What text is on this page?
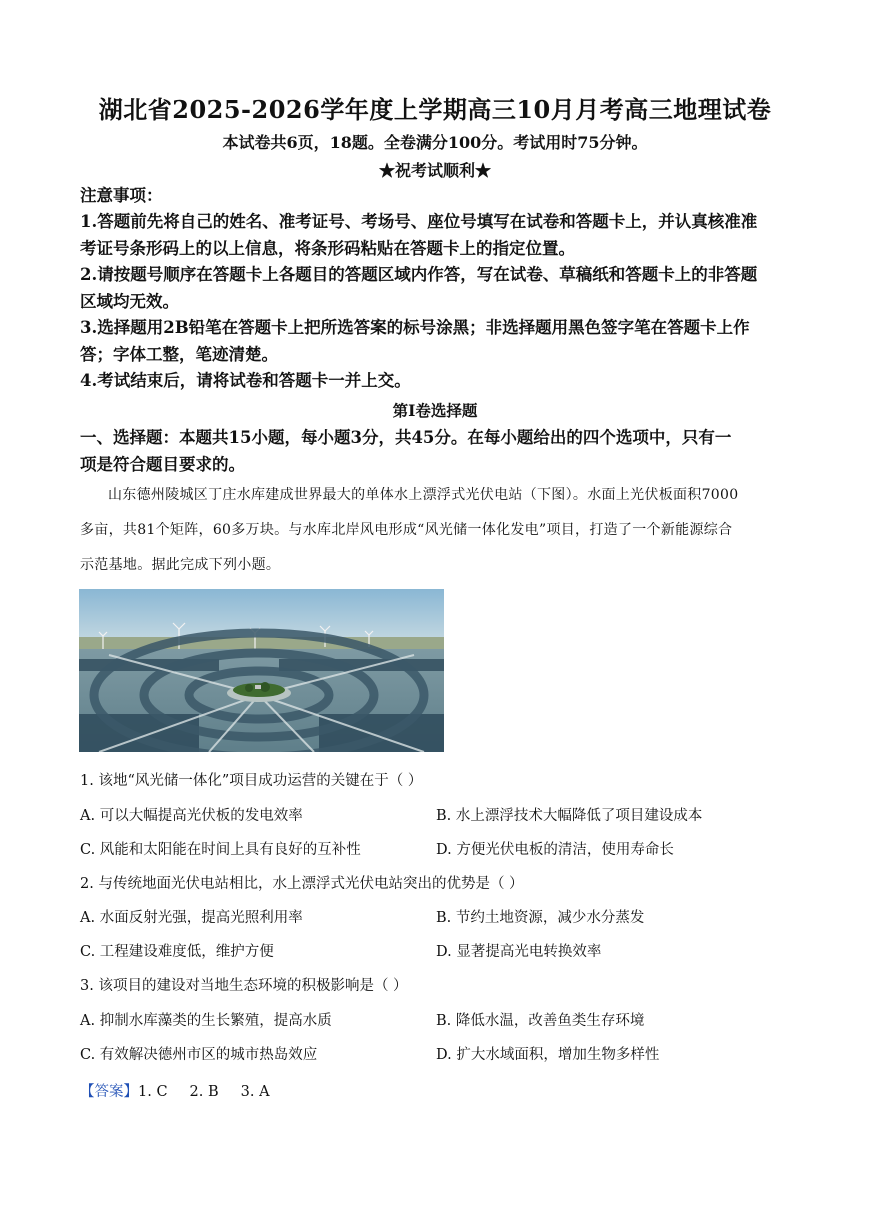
湖北省2025-2026学年度上学期高三10月月考高三地理试卷
本试卷共6页，18题。全卷满分100分。考试用时75分钟。
★祝考试顺利★
注意事项：
1.答题前先将自己的姓名、准考证号、考场号、座位号填写在试卷和答题卡上，并认真核准准
考证号条形码上的以上信息，将条形码粘贴在答题卡上的指定位置。
2.请按题号顺序在答题卡上各题目的答题区域内作答，写在试卷、草稿纸和答题卡上的非答题
区域均无效。
3.选择题用2B铅笔在答题卡上把所选答案的标号涂黑；非选择题用黑色签字笔在答题卡上作
答；字体工整，笔迹清楚。
4.考试结束后，请将试卷和答题卡一并上交。
第Ⅰ卷选择题
一、选择题：本题共15小题，每小题3分，共45分。在每小题给出的四个选项中，只有一
项是符合题目要求的。
山东德州陵城区丁庄水库建成世界最大的单体水上漂浮式光伏电站（下图）。水面上光伏板面积7000
多亩，共81个矩阵，60多万块。与水库北岸风电形成“风光储一体化发电”项目，打造了一个新能源综合
示范基地。据此完成下列小题。
1. 该地“风光储一体化”项目成功运营的关键在于（ ）
A. 可以大幅提高光伏板的发电效率	B. 水上漂浮技术大幅降低了项目建设成本
C. 风能和太阳能在时间上具有良好的互补性	D. 方便光伏电板的清洁，使用寿命长
2. 与传统地面光伏电站相比，水上漂浮式光伏电站突出的优势是（ ）
A. 水面反射光强，提高光照利用率	B. 节约土地资源，减少水分蒸发
C. 工程建设难度低，维护方便	D. 显著提高光电转换效率
3. 该项目的建设对当地生态环境的积极影响是（ ）
A. 抑制水库藻类的生长繁殖，提高水质	B. 降低水温，改善鱼类生存环境
C. 有效解决德州市区的城市热岛效应	D. 扩大水域面积，增加生物多样性
【答案】1. C 2. B 3. A
